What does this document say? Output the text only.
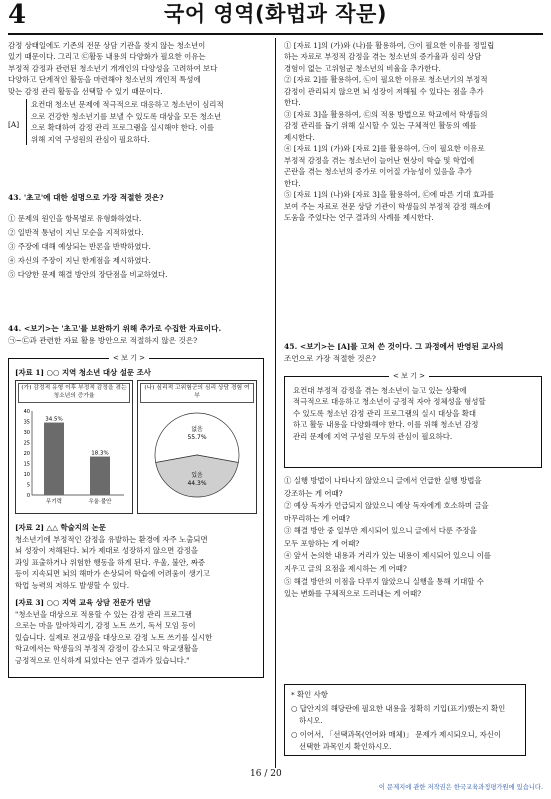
4	국어 영역(화법과 작문)

감정 상태일에도 기존의 전문 상담 기관을 찾지 않는 청소년이

있기 때문이다. 그리고 ㉢활동 내용의 다양화가 필요한 이유는

부정적 감정과 관련된 청소년기 개개인의 다양성을 고려하여 보다

다양하고 단계적인 활동을 마련해야 청소년의 개인적 특성에

맞는 감정 관리 활동을 선택할 수 있기 때문이다.

[A]

요컨대 청소년 문제에 적극적으로 대응하고 청소년이 심리적

으로 건강한 청소년기를 보낼 수 있도록 대상을 모든 청소년

으로 확대하여 감정 관리 프로그램을 실시해야 한다. 이를

위해 지역 구성원의 관심이 필요하다.

43. '초고'에 대한 설명으로 가장 적절한 것은?

① 문제의 원인을 항목별로 유형화하였다.

② 일반적 통념이 지닌 모순을 지적하였다.

③ 주장에 대해 예상되는 반론을 반박하였다.

④ 자신의 주장이 지닌 한계점을 제시하였다.

⑤ 다양한 문제 해결 방안의 장단점을 비교하였다.

44. <보기>는 '초고'를 보완하기 위해 추가로 수집한 자료이다.

㉠~㉢과 관련한 자료 활용 방안으로 적절하지 않은 것은?

< 보 기 >

[자료 1] ○○ 지역 청소년 대상 설문 조사

(가) 감정적 유형 이후 부정적 감정을 겪는 청소년의 증가율
0
5
10
15
20
25
30
35
40
34.5%
무기력
18.3%
우울·불안
(나) 심리적 고위험군의 심리 상담 경험 여부
없음
55.7%
있음
44.3%

[자료 2] △△ 학술지의 논문

청소년기에 부정적인 감정을 유발하는 환경에 자주 노출되면

뇌 성장이 저해된다. 뇌가 제대로 성장하지 않으면 감정을

과잉 표출하거나 위험한 행동을 하게 된다. 우울, 불안, 짜증

등이 지속되면 뇌의 해마가 손상되어 학습에 어려움이 생기고

학업 능력의 저하도 발생할 수 있다.

[자료 3] ○○ 지역 교육 상담 전문가 면담

"청소년을 대상으로 적용할 수 있는 감정 관리 프로그램

으로는 마음 알아차리기, 감정 노트 쓰기, 독서 모임 등이

있습니다. 실제로 전교생을 대상으로 감정 노트 쓰기를 실시한

학교에서는 학생들의 부정적 감정이 감소되고 학교생활을

긍정적으로 인식하게 되었다는 연구 결과가 있습니다."

① [자료 1]의 (가)와 (나)를 활용하여, ㉠이 필요한 이유를 정밀립

하는 자료로 부정적 감정을 겪는 청소년의 증가율과 심리 상담

경험이 없는 고위험군 청소년의 비율을 추가한다.

② [자료 2]를 활용하여, ㉡이 필요한 이유로 청소년기의 부정적

감정이 관리되지 않으면 뇌 성장이 저해될 수 있다는 점을 추가

한다.

③ [자료 3]을 활용하여, ㉢의 적용 방법으로 학교에서 학생들의

감정 관리를 돕기 위해 실시할 수 있는 구체적인 활동의 예를

제시한다.

④ [자료 1]의 (가)와 [자료 2]를 활용하여, ㉠이 필요한 이유로

부정적 감정을 겪는 청소년이 늘어난 현상이 학습 및 학업에

곤란을 겪는 청소년의 증가로 이어질 가능성이 있음을 추가

한다.

⑤ [자료 1]의 (나)와 [자료 3]을 활용하여, ㉢에 따른 기대 효과를

보여 주는 자료로 전문 상담 기관이 학생들의 부정적 감정 해소에

도움을 주었다는 연구 결과의 사례를 제시한다.

45. <보기>는 [A]를 고쳐 쓴 것이다. 그 과정에서 반영된 교사의

조언으로 가장 적절한 것은?

< 보 기 >

요컨대 부정적 감정을 겪는 청소년이 늘고 있는 상황에

적극적으로 대응하고 청소년이 긍정적 자아 정체성을 형성할

수 있도록 청소년 감정 관리 프로그램의 실시 대상을 확대

하고 활동 내용을 다양화해야 한다. 이를 위해 청소년 감정

관리 문제에 지역 구성원 모두의 관심이 필요하다.

① 실행 방법이 나타나지 않았으니 글에서 언급한 실행 방법을

강조하는 게 어때?

② 예상 독자가 언급되지 않았으니 예상 독자에게 호소하며 글을

마무리하는 게 어때?

③ 해결 방안 중 일부만 제시되어 있으니 글에서 다룬 주장을

모두 포함하는 게 어때?

④ 앞서 논의한 내용과 거리가 있는 내용이 제시되어 있으니 이를

지우고 글의 요점을 제시하는 게 어때?

⑤ 해결 방안의 이점을 다루지 않았으니 실행을 통해 기대할 수

있는 변화를 구체적으로 드러내는 게 어때?

* 확인 사항

○ 답안지의 해당란에 필요한 내용을 정확히 기입(표기)했는지 확인

하시오.

○ 이어서, 「선택과목(언어와 매체)」 문제가 제시되오니, 자신이

선택한 과목인지 확인하시오.

16 / 20
이 문제지에 관한 저작권은 한국교육과정평가원에 있습니다.
